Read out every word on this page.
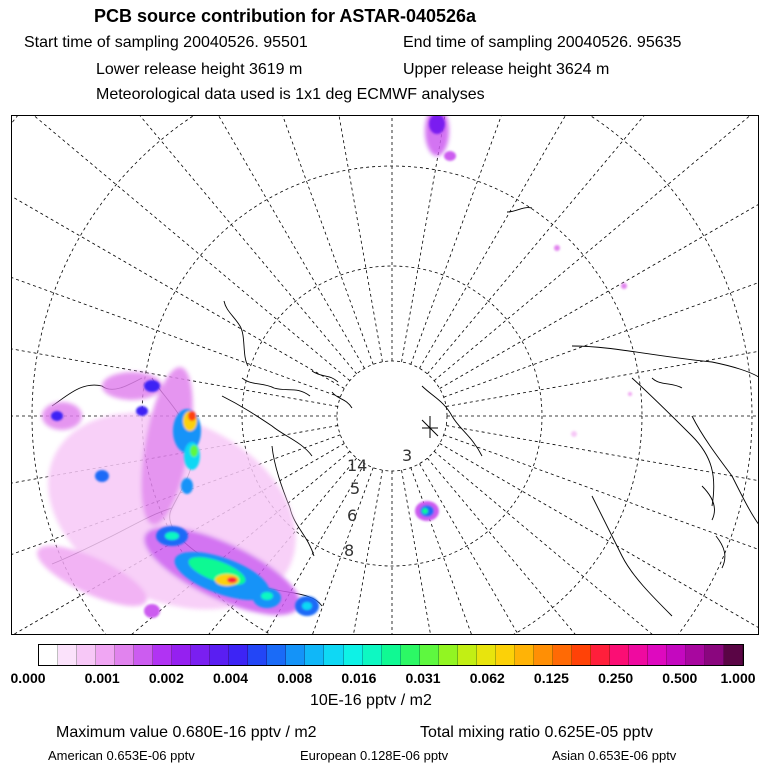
PCB source contribution for ASTAR-040526a
Start time of sampling 20040526. 95501	End time of sampling 20040526. 95635
Lower release height 3619 m	Upper release height 3624 m
Meteorological data used is 1x1 deg ECMWF analyses
14
3
5
6
8
0.000	0.001 0.002 0.004 0.008 0.016 0.031 0.062 0.125 0.250 0.500 1.000
10E-16 pptv / m2
Maximum value 0.680E-16 pptv / m2	Total mixing ratio 0.625E-05 pptv
American 0.653E-06 pptv	European 0.128E-06 pptv	Asian 0.653E-06 pptv
